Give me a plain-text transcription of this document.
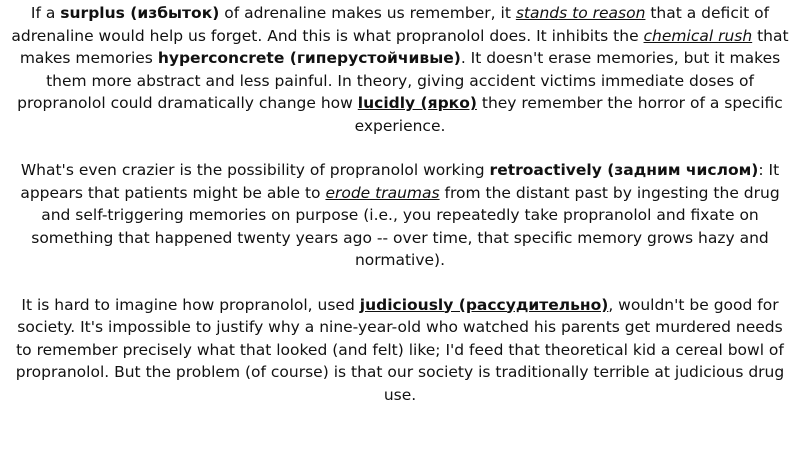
If a surplus (избыток) of adrenaline makes us remember, it stands to reason that a deficit of adrenaline would help us forget. And this is what propranolol does. It inhibits the chemical rush that makes memories hyperconcrete (гиперустойчивые). It doesn't erase memories, but it makes them more abstract and less painful. In theory, giving accident victims immediate doses of propranolol could dramatically change how lucidly (ярко) they remember the horror of a specific experience.

What's even crazier is the possibility of propranolol working retroactively (задним числом): It appears that patients might be able to erode traumas from the distant past by ingesting the drug and self-triggering memories on purpose (i.e., you repeatedly take propranolol and fixate on something that happened twenty years ago -- over time, that specific memory grows hazy and normative).

It is hard to imagine how propranolol, used judiciously (рассудительно), wouldn't be good for society. It's impossible to justify why a nine-year-old who watched his parents get murdered needs to remember precisely what that looked (and felt) like; I'd feed that theoretical kid a cereal bowl of propranolol. But the problem (of course) is that our society is traditionally terrible at judicious drug use.
